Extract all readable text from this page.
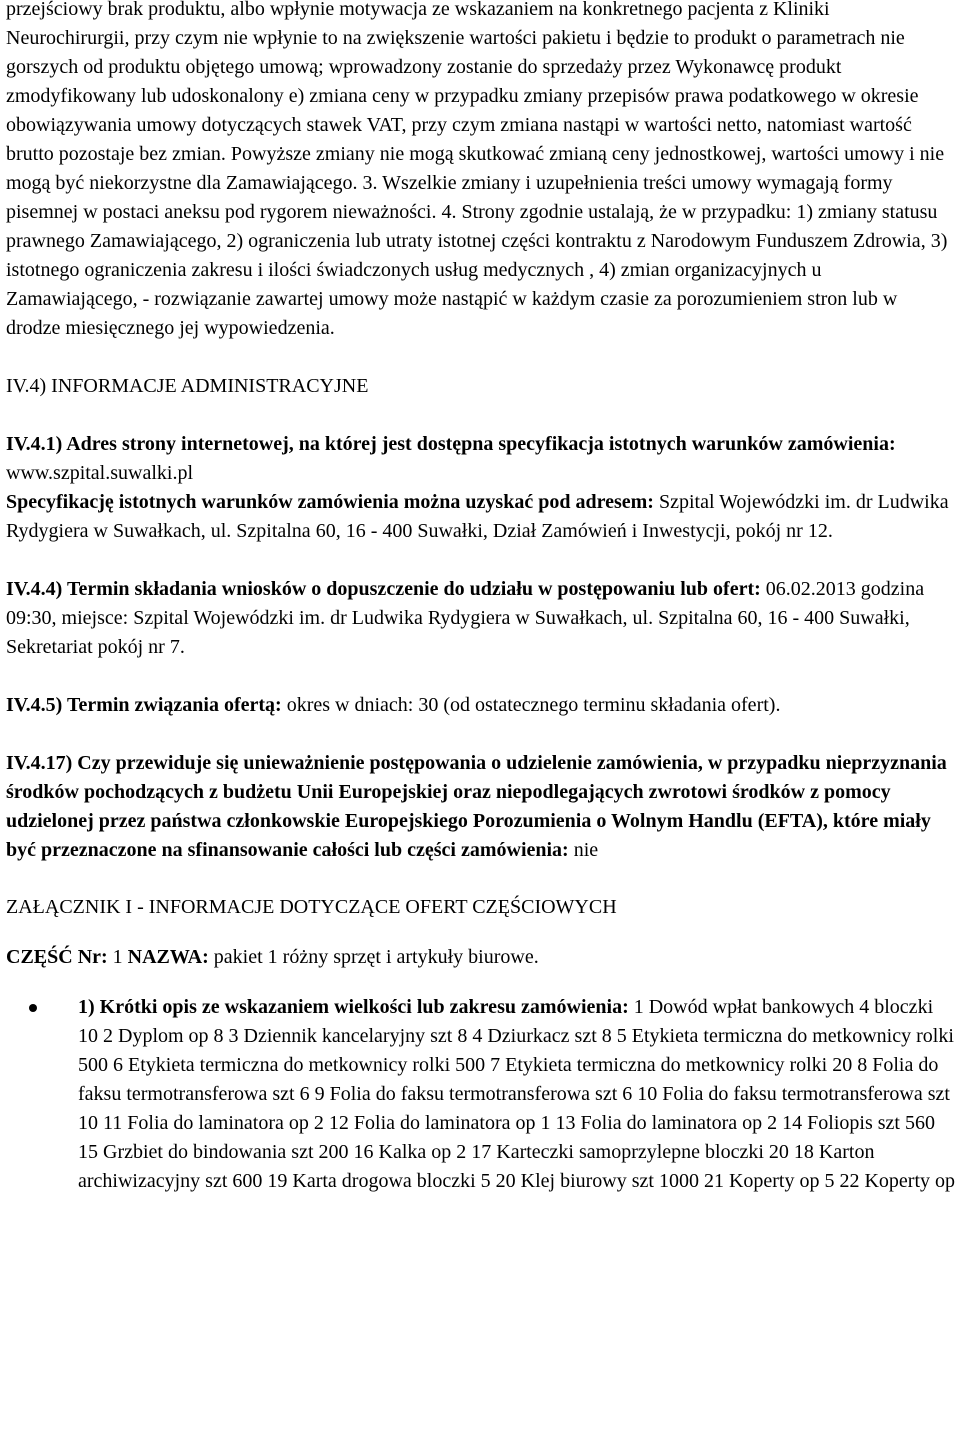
przejściowy brak produktu, albo wpłynie motywacja ze wskazaniem na konkretnego pacjenta z Kliniki Neurochirurgii, przy czym nie wpłynie to na zwiększenie wartości pakietu i będzie to produkt o parametrach nie gorszych od produktu objętego umową; wprowadzony zostanie do sprzedaży przez Wykonawcę produkt zmodyfikowany lub udoskonalony e) zmiana ceny w przypadku zmiany przepisów prawa podatkowego w okresie obowiązywania umowy dotyczących stawek VAT, przy czym zmiana nastąpi w wartości netto, natomiast wartość brutto pozostaje bez zmian. Powyższe zmiany nie mogą skutkować zmianą ceny jednostkowej, wartości umowy i nie mogą być niekorzystne dla Zamawiającego. 3. Wszelkie zmiany i uzupełnienia treści umowy wymagają formy pisemnej w postaci aneksu pod rygorem nieważności. 4. Strony zgodnie ustalają, że w przypadku: 1) zmiany statusu prawnego Zamawiającego, 2) ograniczenia lub utraty istotnej części kontraktu z Narodowym Funduszem Zdrowia, 3) istotnego ograniczenia zakresu i ilości świadczonych usług medycznych , 4) zmian organizacyjnych u Zamawiającego, - rozwiązanie zawartej umowy może nastąpić w każdym czasie za porozumieniem stron lub w drodze miesięcznego jej wypowiedzenia.

IV.4) INFORMACJE ADMINISTRACYJNE

IV.4.1) Adres strony internetowej, na której jest dostępna specyfikacja istotnych warunków zamówienia: www.szpital.suwalki.pl

Specyfikację istotnych warunków zamówienia można uzyskać pod adresem: Szpital Wojewódzki im. dr Ludwika Rydygiera w Suwałkach, ul. Szpitalna 60, 16 - 400 Suwałki, Dział Zamówień i Inwestycji, pokój nr 12.

IV.4.4) Termin składania wniosków o dopuszczenie do udziału w postępowaniu lub ofert: 06.02.2013 godzina 09:30, miejsce: Szpital Wojewódzki im. dr Ludwika Rydygiera w Suwałkach, ul. Szpitalna 60, 16 - 400 Suwałki, Sekretariat pokój nr 7.

IV.4.5) Termin związania ofertą: okres w dniach: 30 (od ostatecznego terminu składania ofert).

IV.4.17) Czy przewiduje się unieważnienie postępowania o udzielenie zamówienia, w przypadku nieprzyznania środków pochodzących z budżetu Unii Europejskiej oraz niepodlegających zwrotowi środków z pomocy udzielonej przez państwa członkowskie Europejskiego Porozumienia o Wolnym Handlu (EFTA), które miały być przeznaczone na sfinansowanie całości lub części zamówienia: nie

ZAŁĄCZNIK I - INFORMACJE DOTYCZĄCE OFERT CZĘŚCIOWYCH

CZĘŚĆ Nr: 1 NAZWA: pakiet 1 różny sprzęt i artykuły biurowe.

1) Krótki opis ze wskazaniem wielkości lub zakresu zamówienia: 1 Dowód wpłat bankowych 4 bloczki 10 2 Dyplom op 8 3 Dziennik kancelaryjny szt 8 4 Dziurkacz szt 8 5 Etykieta termiczna do metkownicy rolki 500 6 Etykieta termiczna do metkownicy rolki 500 7 Etykieta termiczna do metkownicy rolki 20 8 Folia do faksu termotransferowa szt 6 9 Folia do faksu termotransferowa szt 6 10 Folia do faksu termotransferowa szt 10 11 Folia do laminatora op 2 12 Folia do laminatora op 1 13 Folia do laminatora op 2 14 Foliopis szt 560 15 Grzbiet do bindowania szt 200 16 Kalka op 2 17 Karteczki samoprzylepne bloczki 20 18 Karton archiwizacyjny szt 600 19 Karta drogowa bloczki 5 20 Klej biurowy szt 1000 21 Koperty op 5 22 Koperty op
